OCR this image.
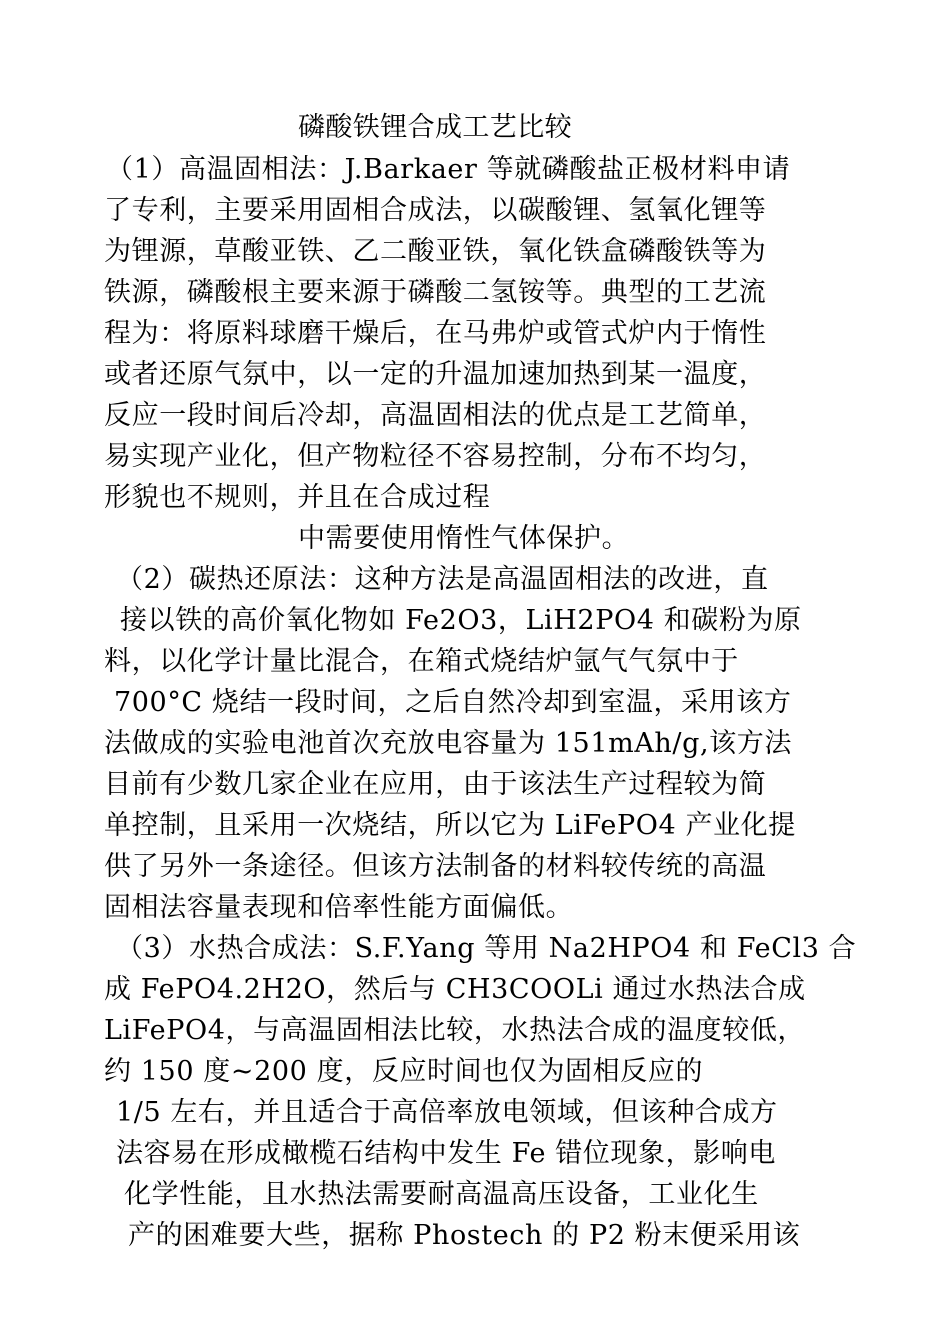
磷酸铁锂合成工艺比较
（1）高温固相法：J.Barkaer 等就磷酸盐正极材料申请
了专利，主要采用固相合成法，以碳酸锂、氢氧化锂等
为锂源，草酸亚铁、乙二酸亚铁，氧化铁盒磷酸铁等为
铁源，磷酸根主要来源于磷酸二氢铵等。典型的工艺流
程为：将原料球磨干燥后，在马弗炉或管式炉内于惰性
或者还原气氛中，以一定的升温加速加热到某一温度，
反应一段时间后冷却，高温固相法的优点是工艺简单，
易实现产业化，但产物粒径不容易控制，分布不均匀，
形貌也不规则，并且在合成过程
中需要使用惰性气体保护。
（2）碳热还原法：这种方法是高温固相法的改进，直
接以铁的高价氧化物如 Fe2O3，LiH2PO4 和碳粉为原
料，以化学计量比混合，在箱式烧结炉氩气气氛中于
700°C 烧结一段时间，之后自然冷却到室温，采用该方
法做成的实验电池首次充放电容量为 151mAh/g,该方法
目前有少数几家企业在应用，由于该法生产过程较为简
单控制，且采用一次烧结，所以它为 LiFePO4 产业化提
供了另外一条途径。但该方法制备的材料较传统的高温
固相法容量表现和倍率性能方面偏低。
（3）水热合成法：S.F.Yang 等用 Na2HPO4 和 FeCl3 合
成 FePO4.2H2O，然后与 CH3COOLi 通过水热法合成
LiFePO4，与高温固相法比较，水热法合成的温度较低，
约 150 度~200 度，反应时间也仅为固相反应的
1/5 左右，并且适合于高倍率放电领域，但该种合成方
法容易在形成橄榄石结构中发生 Fe 错位现象，影响电
化学性能，且水热法需要耐高温高压设备，工业化生
产的困难要大些，据称 Phostech 的 P2 粉末便采用该
